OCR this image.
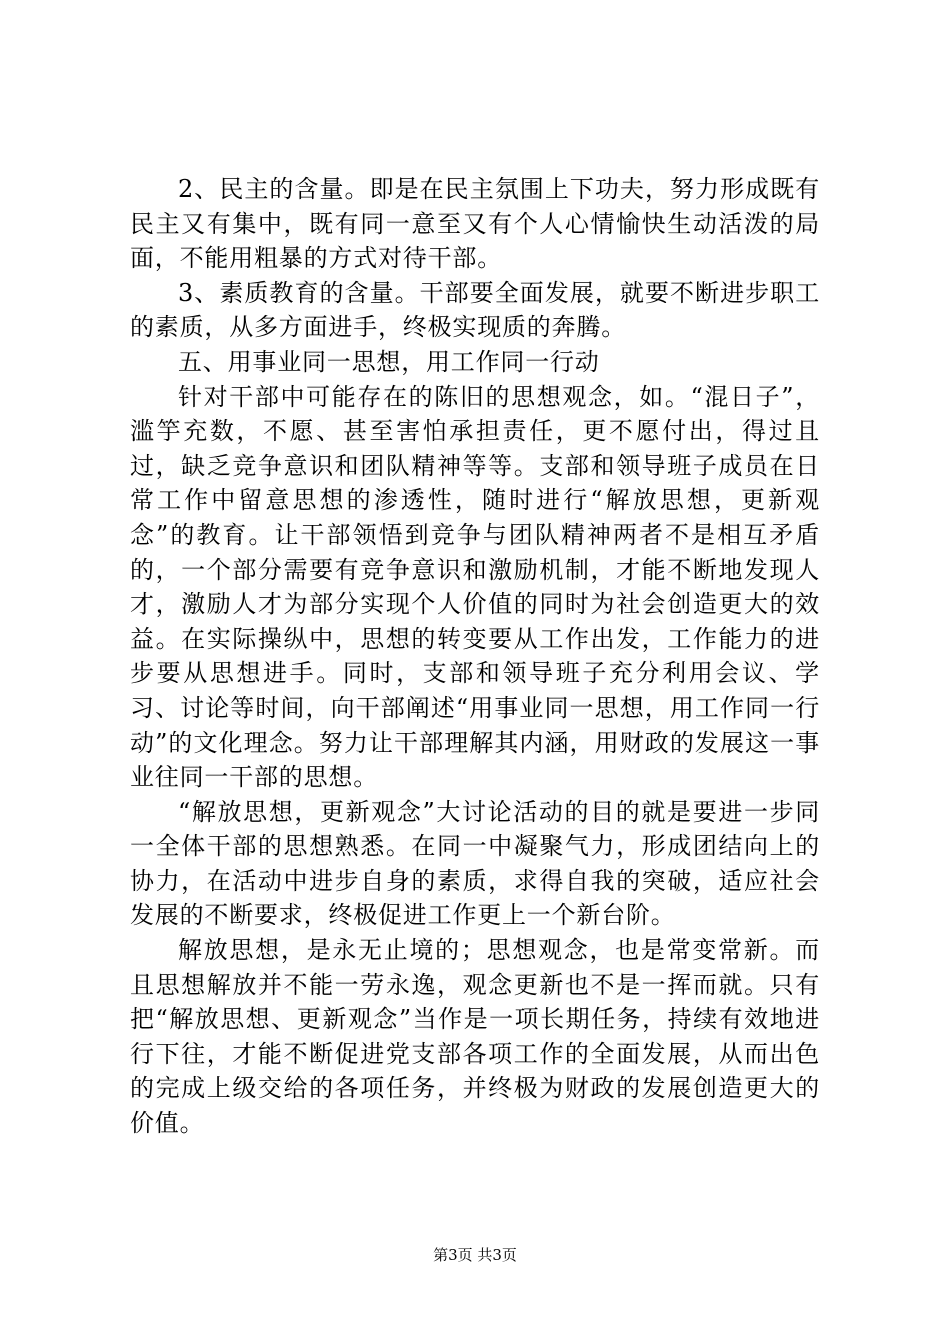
2、民主的含量。即是在民主氛围上下功夫，努力形成既有民主又有集中，既有同一意至又有个人心情愉快生动活泼的局面，不能用粗暴的方式对待干部。

3、素质教育的含量。干部要全面发展，就要不断进步职工的素质，从多方面进手，终极实现质的奔腾。

五、用事业同一思想，用工作同一行动

针对干部中可能存在的陈旧的思想观念，如。“混日子”，滥竽充数，不愿、甚至害怕承担责任，更不愿付出，得过且过，缺乏竞争意识和团队精神等等。支部和领导班子成员在日常工作中留意思想的渗透性，随时进行“解放思想，更新观念”的教育。让干部领悟到竞争与团队精神两者不是相互矛盾的，一个部分需要有竞争意识和激励机制，才能不断地发现人才，激励人才为部分实现个人价值的同时为社会创造更大的效益。在实际操纵中，思想的转变要从工作出发，工作能力的进步要从思想进手。同时，支部和领导班子充分利用会议、学习、讨论等时间，向干部阐述“用事业同一思想，用工作同一行动”的文化理念。努力让干部理解其内涵，用财政的发展这一事业往同一干部的思想。

“解放思想，更新观念”大讨论活动的目的就是要进一步同一全体干部的思想熟悉。在同一中凝聚气力，形成团结向上的协力，在活动中进步自身的素质，求得自我的突破，适应社会发展的不断要求，终极促进工作更上一个新台阶。

解放思想，是永无止境的；思想观念，也是常变常新。而且思想解放并不能一劳永逸，观念更新也不是一挥而就。只有把“解放思想、更新观念”当作是一项长期任务，持续有效地进行下往，才能不断促进党支部各项工作的全面发展，从而出色的完成上级交给的各项任务，并终极为财政的发展创造更大的价值。

第3页 共3页
